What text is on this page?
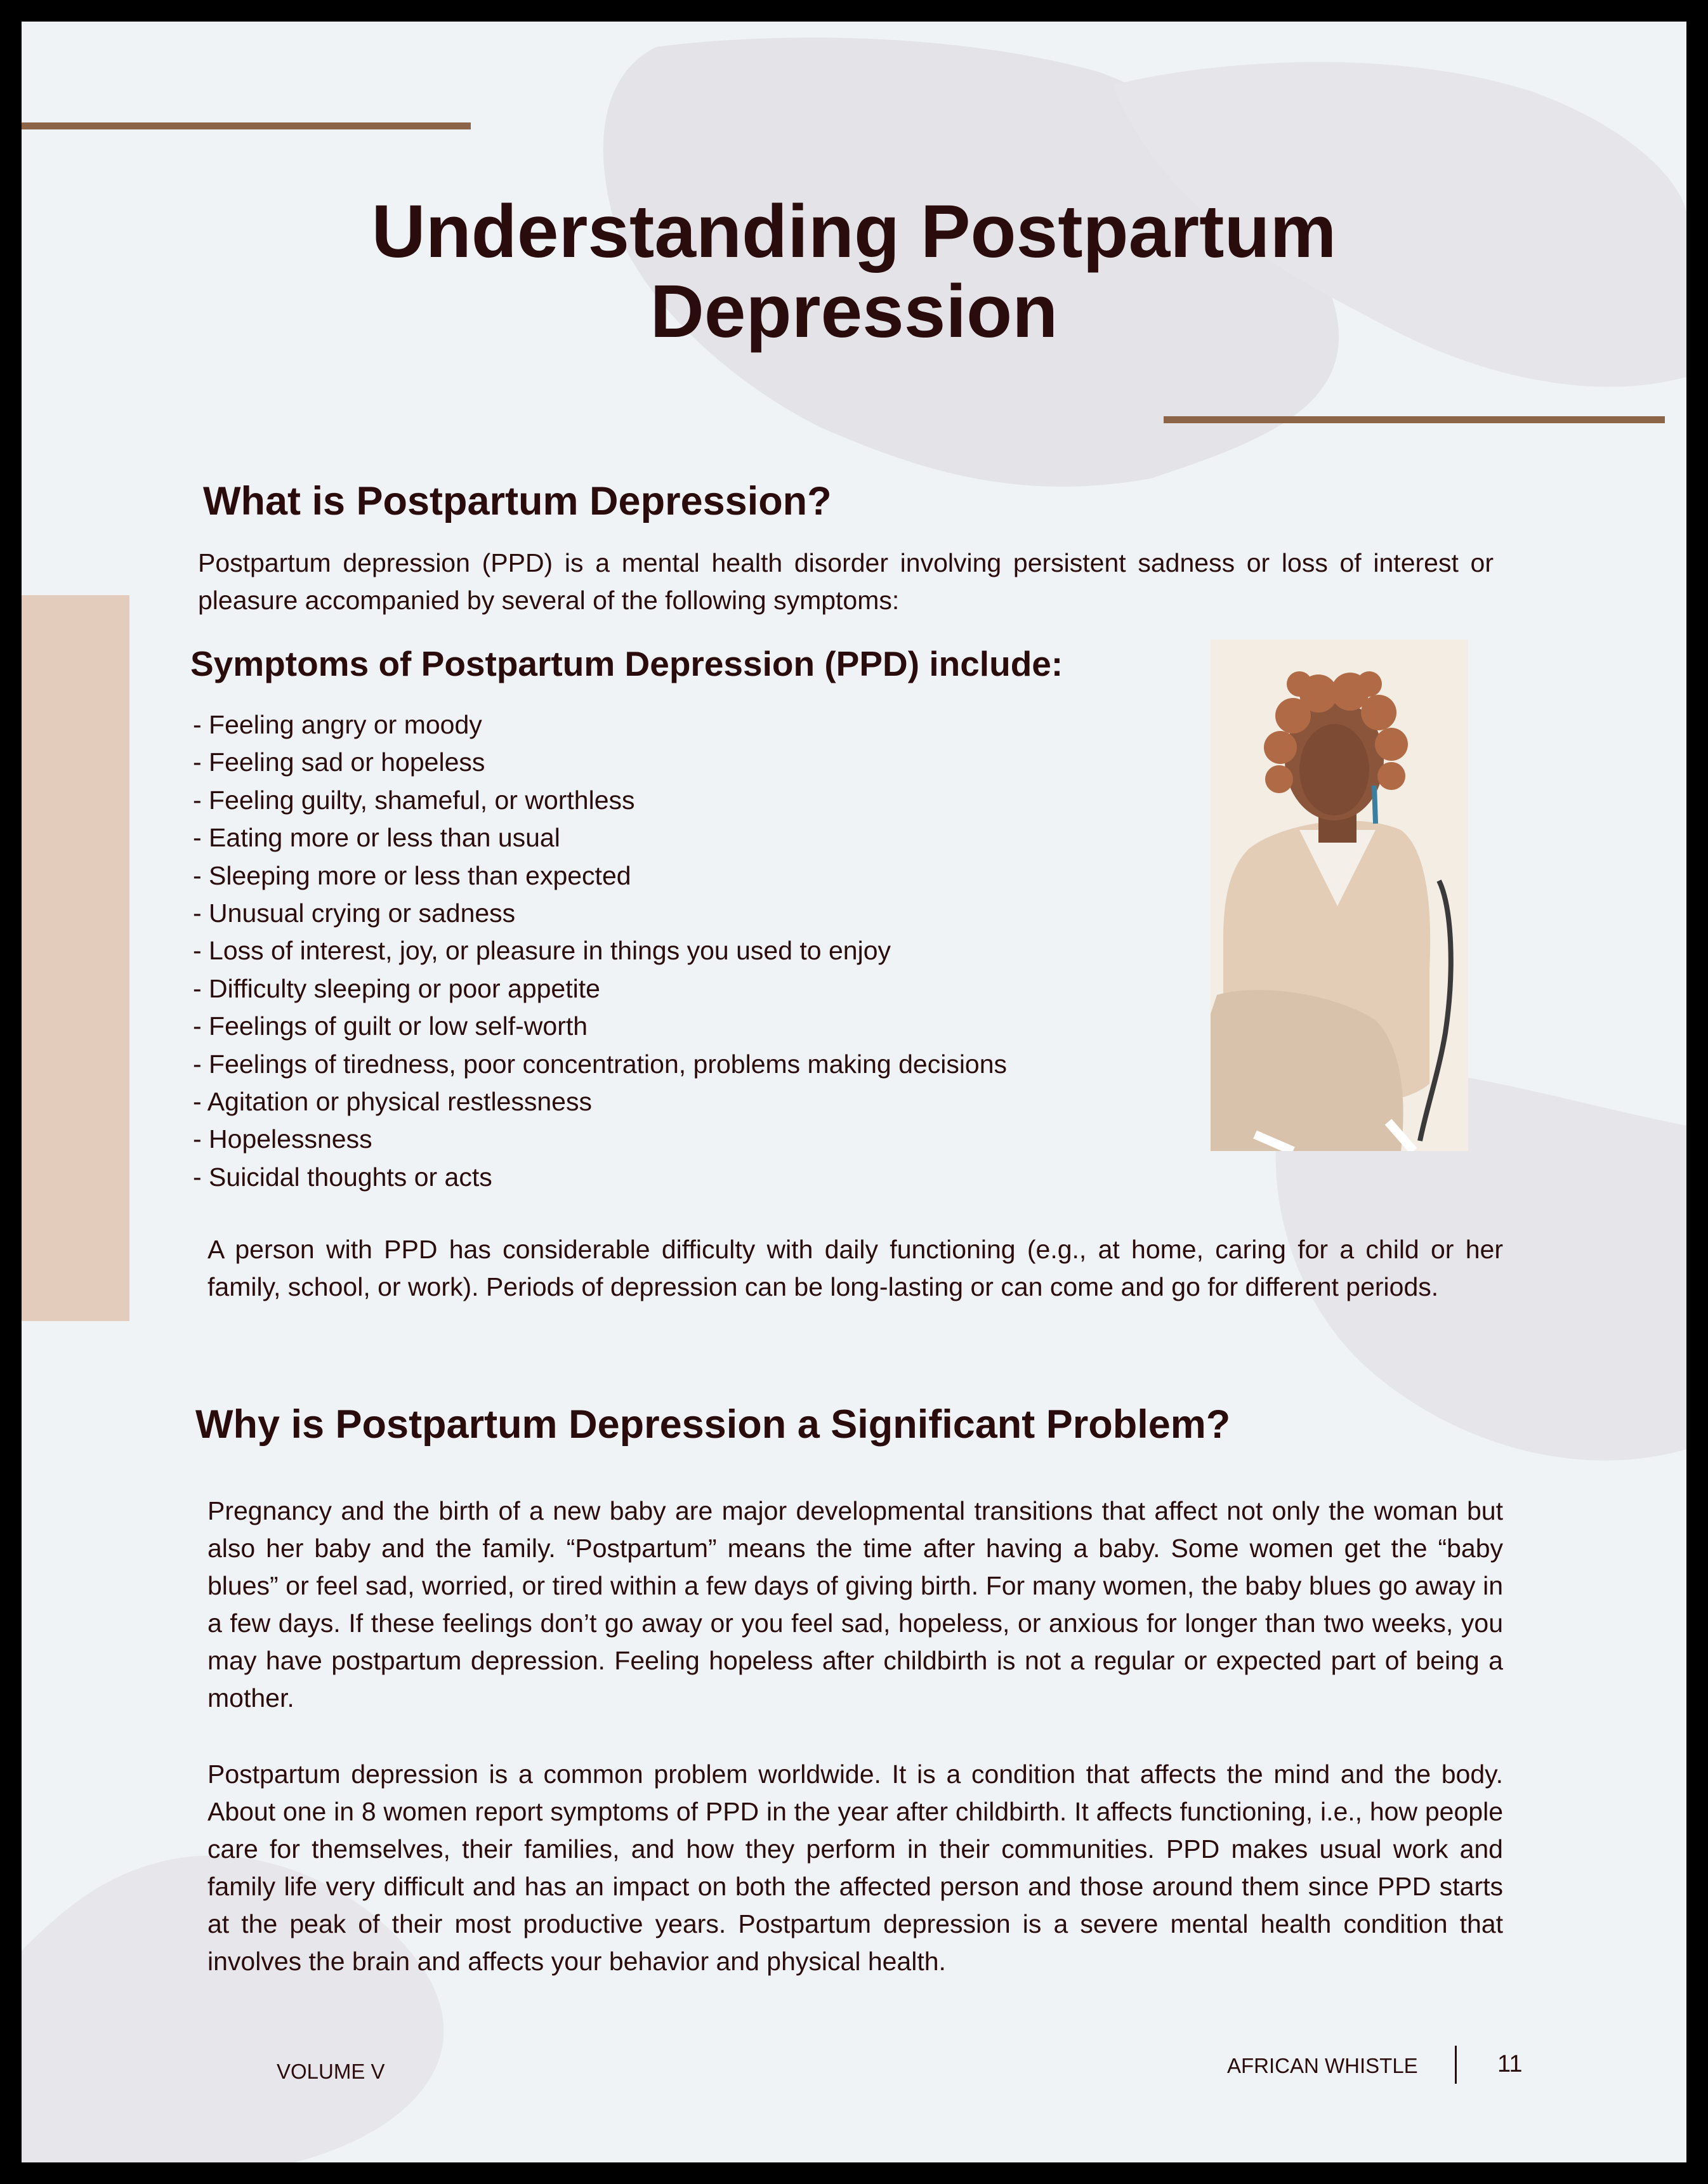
Understanding Postpartum
Depression
What is Postpartum Depression?

Postpartum depression (PPD) is a mental health disorder involving persistent sadness or loss of interest or pleasure accompanied by several of the following symptoms:

Symptoms of Postpartum Depression (PPD) include:
- Feeling angry or moody
- Feeling sad or hopeless
- Feeling guilty, shameful, or worthless
- Eating more or less than usual
- Sleeping more or less than expected
- Unusual crying or sadness
- Loss of interest, joy, or pleasure in things you used to enjoy
- Difficulty sleeping or poor appetite
- Feelings of guilt or low self-worth
- Feelings of tiredness, poor concentration, problems making decisions
- Agitation or physical restlessness
- Hopelessness
- Suicidal thoughts or acts

A person with PPD has considerable difficulty with daily functioning (e.g., at home, caring for a child or her family, school, or work). Periods of depression can be long-lasting or can come and go for different periods.

Why is Postpartum Depression a Significant Problem?

Pregnancy and the birth of a new baby are major developmental transitions that affect not only the woman but also her baby and the family. “Postpartum” means the time after having a baby. Some women get the “baby blues” or feel sad, worried, or tired within a few days of giving birth. For many women, the baby blues go away in a few days. If these feelings don’t go away or you feel sad, hopeless, or anxious for longer than two weeks, you may have postpartum depression. Feeling hopeless after childbirth is not a regular or expected part of being a mother.

Postpartum depression is a common problem worldwide. It is a condition that affects the mind and the body. About one in 8 women report symptoms of PPD in the year after childbirth. It affects functioning, i.e., how people care for themselves, their families, and how they perform in their communities. PPD makes usual work and family life very difficult and has an impact on both the affected person and those around them since PPD starts at the peak of their most productive years. Postpartum depression is a severe mental health condition that involves the brain and affects your behavior and physical health.

VOLUME V	AFRICAN WHISTLE	11
